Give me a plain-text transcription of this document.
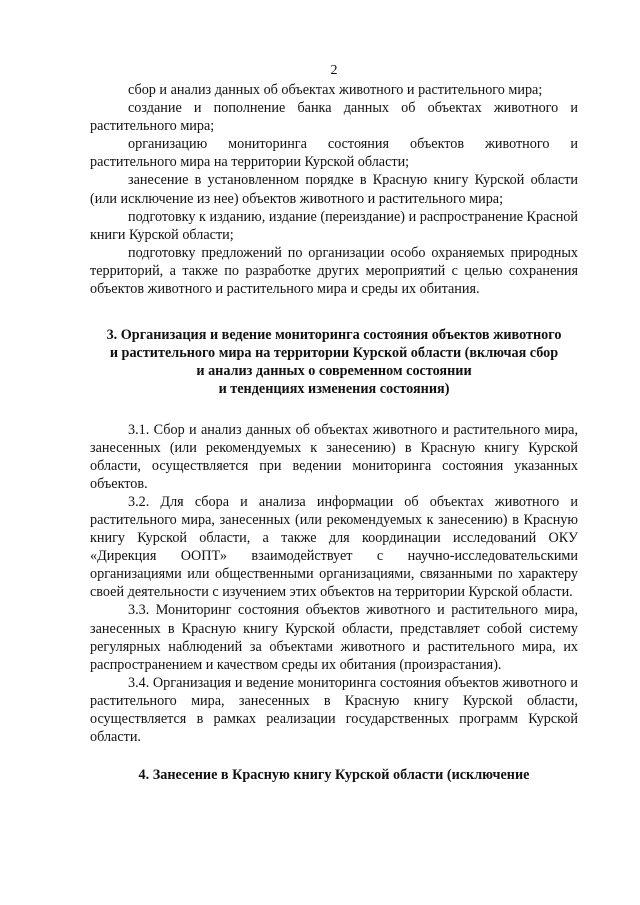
2

сбор и анализ данных об объектах животного и растительного мира;

создание и пополнение банка данных об объектах животного и растительного мира;

организацию мониторинга состояния объектов животного и растительного мира на территории Курской области;

занесение в установленном порядке в Красную книгу Курской области (или исключение из нее) объектов животного и растительного мира;

подготовку к изданию, издание (переиздание) и распространение Красной книги Курской области;

подготовку предложений по организации особо охраняемых природных территорий, а также по разработке других мероприятий с целью сохранения объектов животного и растительного мира и среды их обитания.

3. Организация и ведение мониторинга состояния объектов животного
и растительного мира на территории Курской области (включая сбор
и анализ данных о современном состоянии
и тенденциях изменения состояния)

3.1. Сбор и анализ данных об объектах животного и растительного мира, занесенных (или рекомендуемых к занесению) в Красную книгу Курской области, осуществляется при ведении мониторинга состояния указанных объектов.

3.2. Для сбора и анализа информации об объектах животного и растительного мира, занесенных (или рекомендуемых к занесению) в Красную книгу Курской области, а также для координации исследований ОКУ «Дирекция ООПТ» взаимодействует с научно-исследовательскими организациями или общественными организациями, связанными по характеру своей деятельности с изучением этих объектов на территории Курской области.

3.3. Мониторинг состояния объектов животного и растительного мира, занесенных в Красную книгу Курской области, представляет собой систему регулярных наблюдений за объектами животного и растительного мира, их распространением и качеством среды их обитания (произрастания).

3.4. Организация и ведение мониторинга состояния объектов животного и растительного мира, занесенных в Красную книгу Курской области, осуществляется в рамках реализации государственных программ Курской области.

4. Занесение в Красную книгу Курской области (исключение
